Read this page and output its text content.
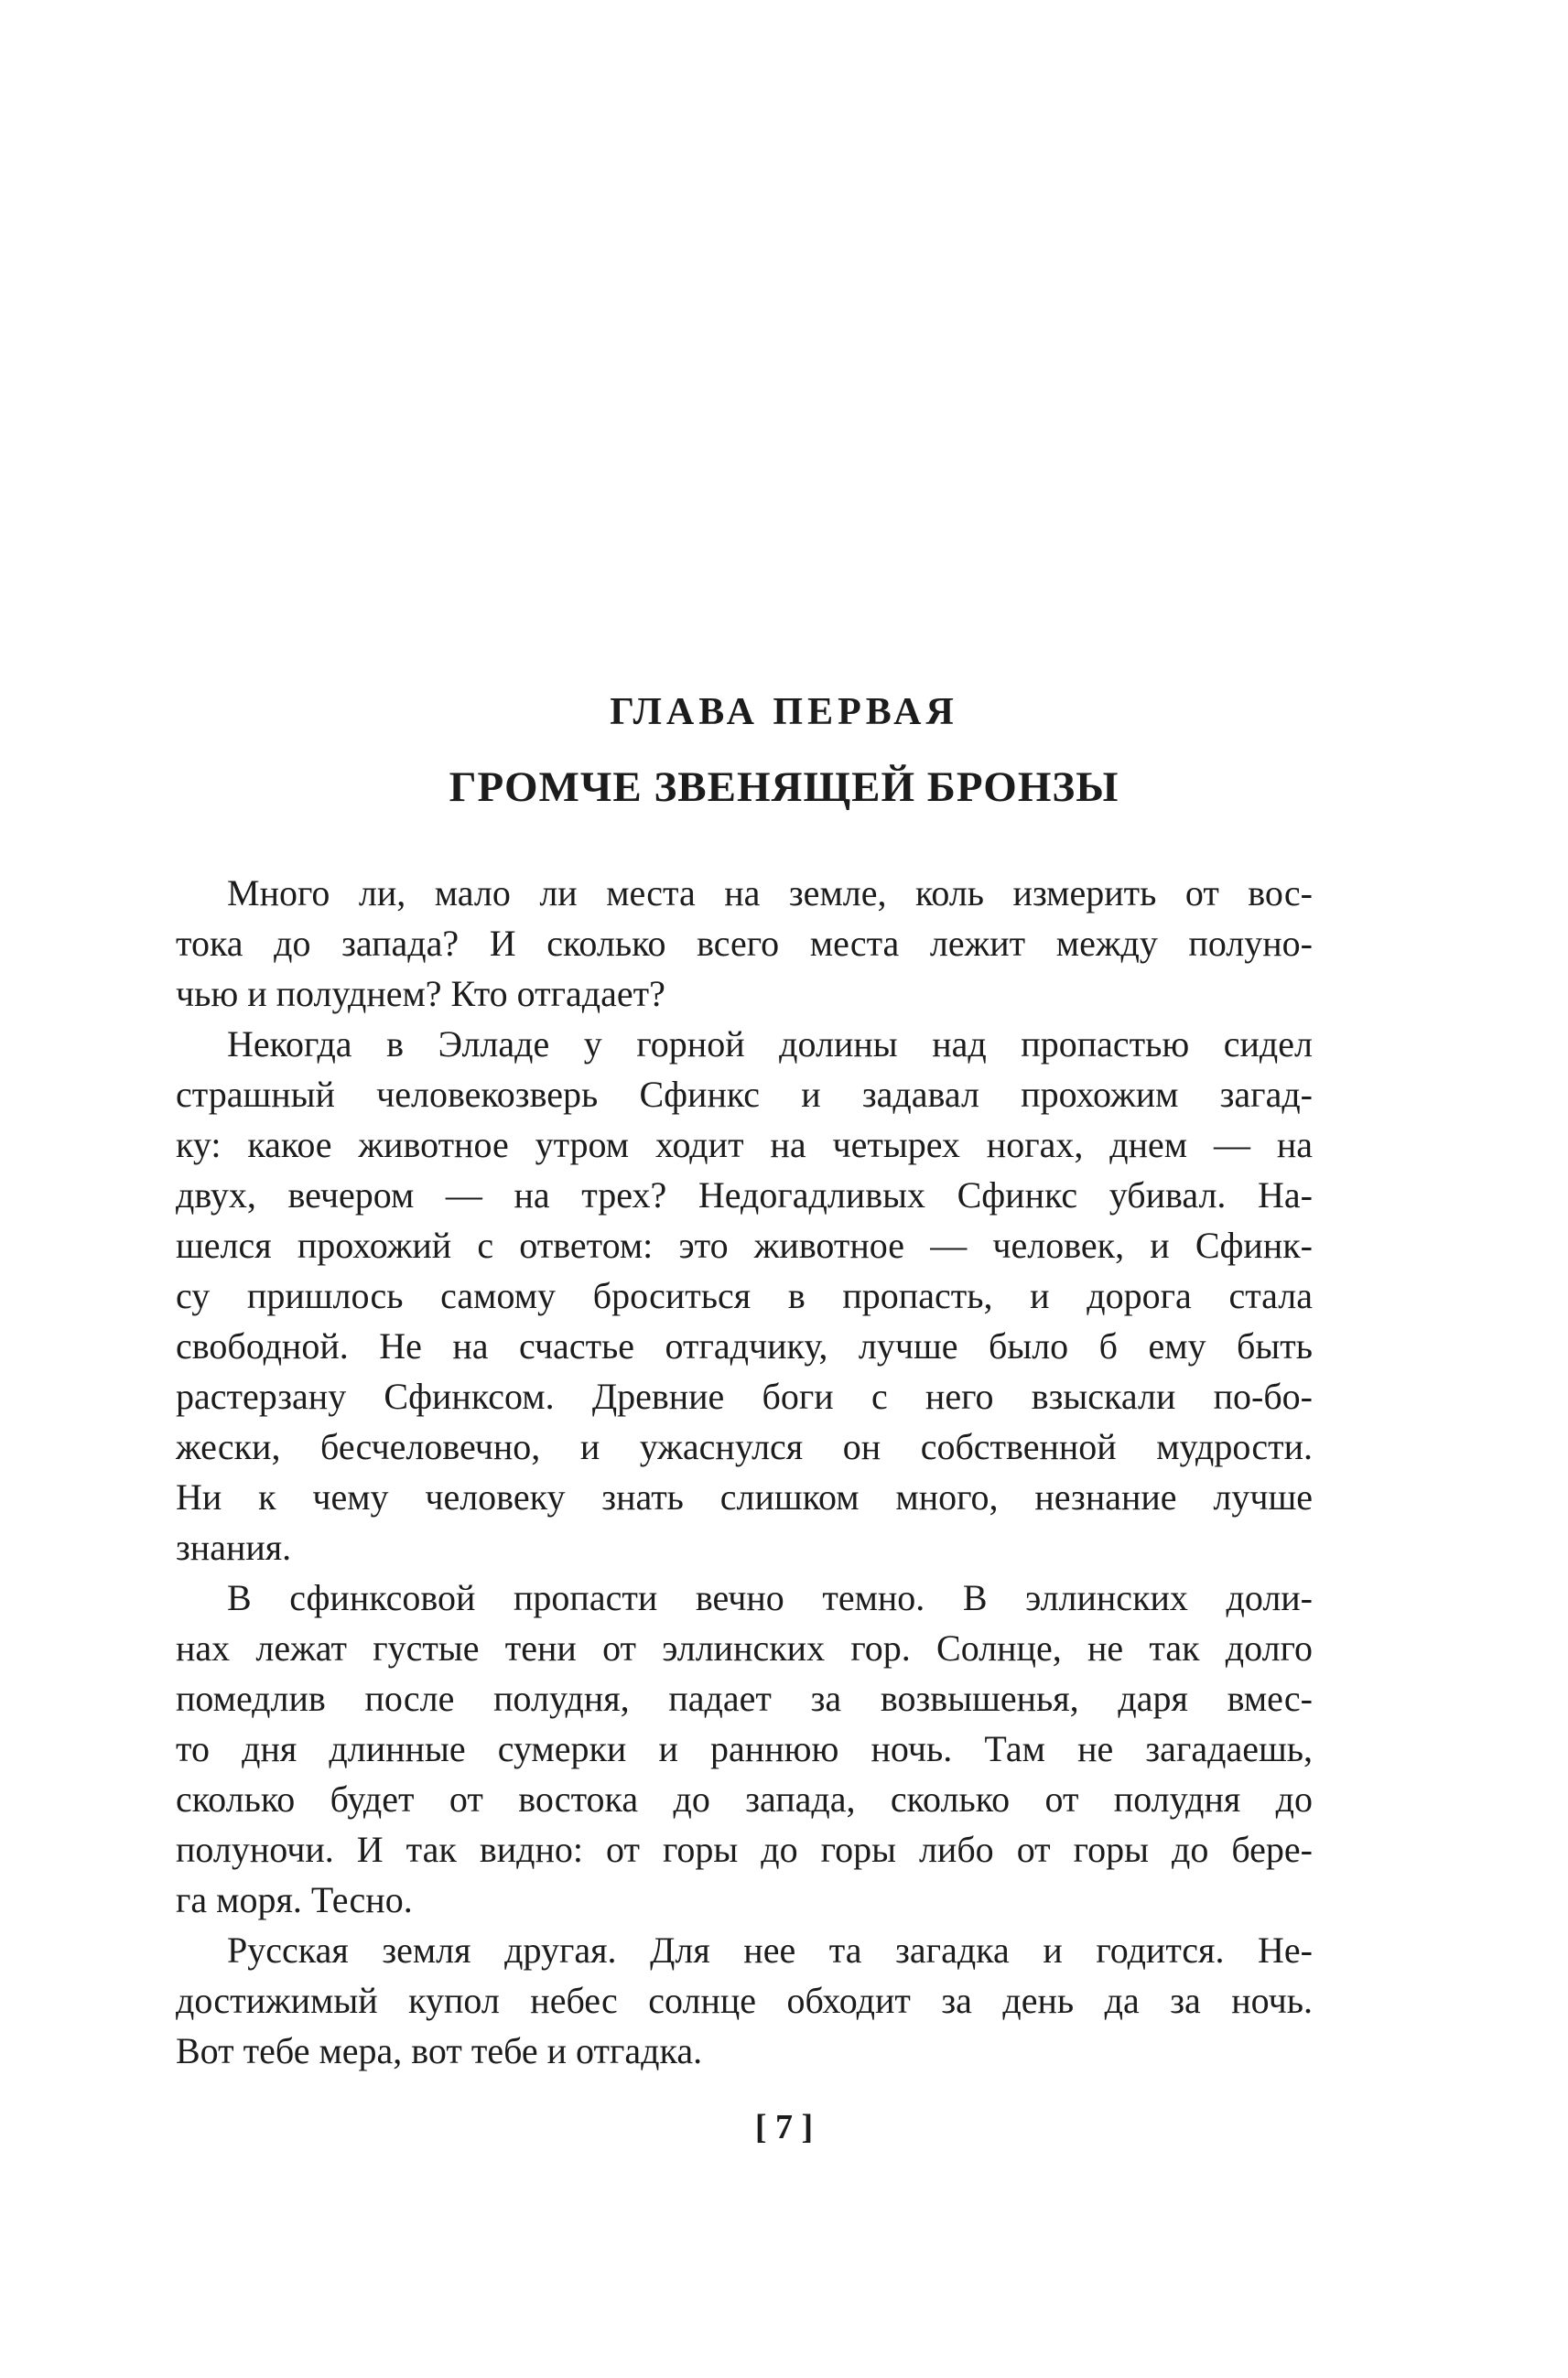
ГЛАВА ПЕРВАЯ
ГРОМЧЕ ЗВЕНЯЩЕЙ БРОНЗЫ
Много ли, мало ли места на земле, коль измерить от вос-
тока до запада? И сколько всего места лежит между полуно-
чью и полуднем? Кто отгадает?
Некогда в Элладе у горной долины над пропастью сидел
страшный человекозверь Сфинкс и задавал прохожим загад-
ку: какое животное утром ходит на четырех ногах, днем — на
двух, вечером — на трех? Недогадливых Сфинкс убивал. На-
шелся прохожий с ответом: это животное — человек, и Сфинк-
су пришлось самому броситься в пропасть, и дорога стала
свободной. Не на счастье отгадчику, лучше было б ему быть
растерзану Сфинксом. Древние боги с него взыскали по-бо-
жески, бесчеловечно, и ужаснулся он собственной мудрости.
Ни к чему человеку знать слишком много, незнание лучше
знания.
В сфинксовой пропасти вечно темно. В эллинских доли-
нах лежат густые тени от эллинских гор. Солнце, не так долго
помедлив после полудня, падает за возвышенья, даря вмес-
то дня длинные сумерки и раннюю ночь. Там не загадаешь,
сколько будет от востока до запада, сколько от полудня до
полуночи. И так видно: от горы до горы либо от горы до бере-
га моря. Тесно.
Русская земля другая. Для нее та загадка и годится. Не-
достижимый купол небес солнце обходит за день да за ночь.
Вот тебе мера, вот тебе и отгадка.
[ 7 ]
